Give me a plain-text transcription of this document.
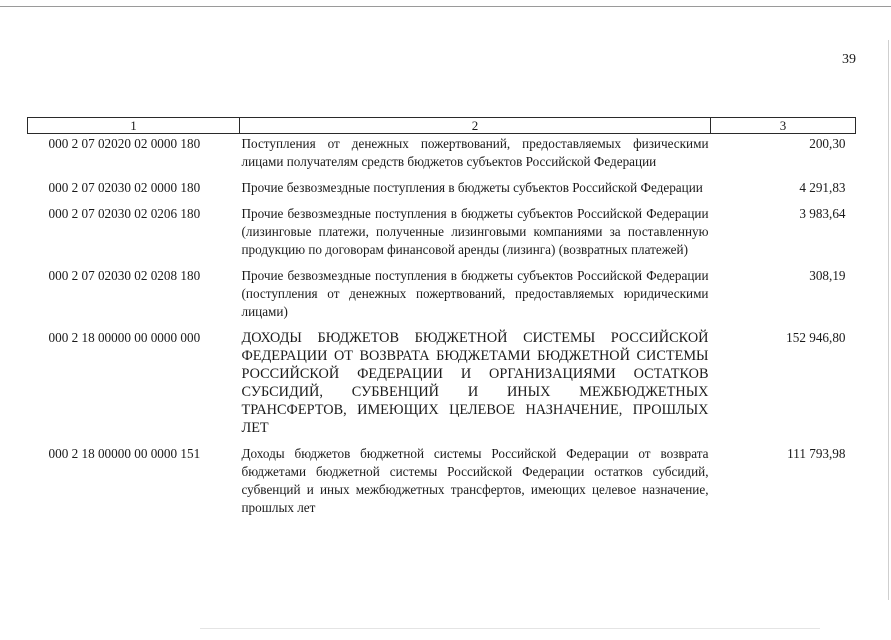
39
1	2	3
000 2 07 02020 02 0000 180	Поступления от денежных пожертвований, предоставляемых физическими лицами получателям средств бюджетов субъектов Российской Федерации	200,30
000 2 07 02030 02 0000 180	Прочие безвозмездные поступления в бюджеты субъектов Российской Федерации	4 291,83
000 2 07 02030 02 0206 180	Прочие безвозмездные поступления в бюджеты субъектов Российской Федерации (лизинговые платежи, полученные лизинговыми компаниями за поставленную продукцию по договорам финансовой аренды (лизинга) (возвратных платежей)	3 983,64
000 2 07 02030 02 0208 180	Прочие безвозмездные поступления в бюджеты субъектов Российской Федерации (поступления от денежных пожертвований, предоставляемых юридическими лицами)	308,19
000 2 18 00000 00 0000 000	ДОХОДЫ БЮДЖЕТОВ БЮДЖЕТНОЙ СИСТЕМЫ РОССИЙСКОЙ ФЕДЕРАЦИИ ОТ ВОЗВРАТА БЮДЖЕТАМИ БЮДЖЕТНОЙ СИСТЕМЫ РОССИЙСКОЙ ФЕДЕРАЦИИ И ОРГАНИЗАЦИЯМИ ОСТАТКОВ СУБСИДИЙ, СУБВЕНЦИЙ И ИНЫХ МЕЖБЮДЖЕТНЫХ ТРАНСФЕРТОВ, ИМЕЮЩИХ ЦЕЛЕВОЕ НАЗНАЧЕНИЕ, ПРОШЛЫХ ЛЕТ	152 946,80
000 2 18 00000 00 0000 151	Доходы бюджетов бюджетной системы Российской Федерации от возврата бюджетами бюджетной системы Российской Федерации остатков субсидий, субвенций и иных межбюджетных трансфертов, имеющих целевое назначение, прошлых лет	111 793,98
